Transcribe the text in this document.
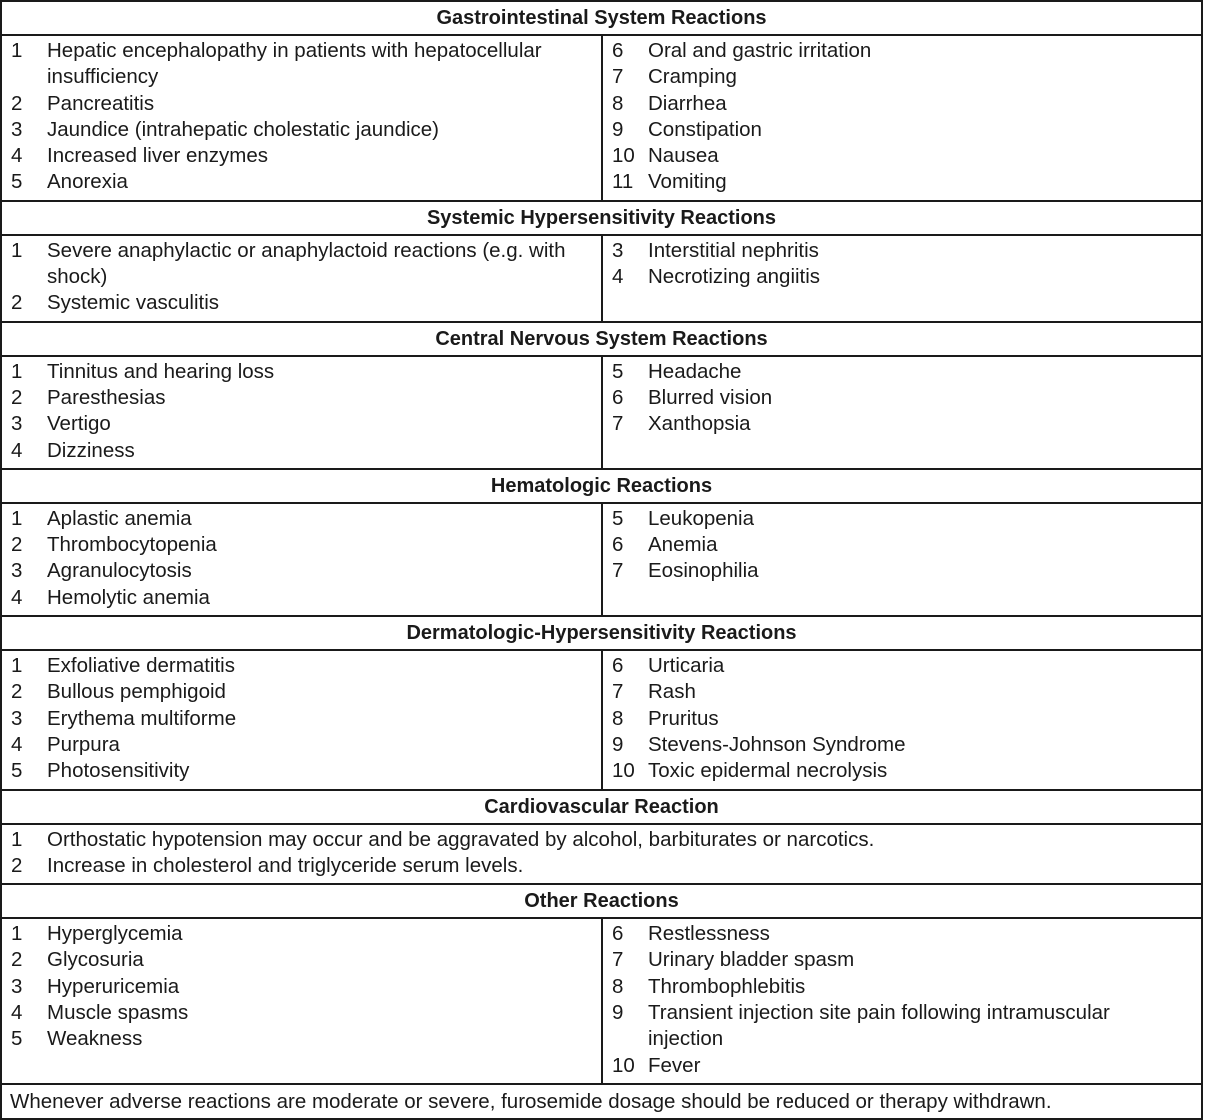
Gastrointestinal System Reactions
1	Hepatic encephalopathy in patients with hepatocellular insufficiency
2	Pancreatitis
3	Jaundice (intrahepatic cholestatic jaundice)
4	Increased liver enzymes
5	Anorexia
6	Oral and gastric irritation
7	Cramping
8	Diarrhea
9	Constipation
10 Nausea
11 Vomiting
Systemic Hypersensitivity Reactions
1	Severe anaphylactic or anaphylactoid reactions (e.g. with shock)
2	Systemic vasculitis
3	Interstitial nephritis
4	Necrotizing angiitis
Central Nervous System Reactions
1	Tinnitus and hearing loss
2	Paresthesias
3	Vertigo
4	Dizziness
5	Headache
6	Blurred vision
7	Xanthopsia
Hematologic Reactions
1	Aplastic anemia
2	Thrombocytopenia
3	Agranulocytosis
4	Hemolytic anemia
5	Leukopenia
6	Anemia
7	Eosinophilia
Dermatologic-Hypersensitivity Reactions
1	Exfoliative dermatitis
2	Bullous pemphigoid
3	Erythema multiforme
4	Purpura
5	Photosensitivity
6	Urticaria
7	Rash
8	Pruritus
9	Stevens-Johnson Syndrome
10 Toxic epidermal necrolysis
Cardiovascular Reaction
1	Orthostatic hypotension may occur and be aggravated by alcohol, barbiturates or narcotics.
2	Increase in cholesterol and triglyceride serum levels.
Other Reactions
1	Hyperglycemia
2	Glycosuria
3	Hyperuricemia
4	Muscle spasms
5	Weakness
6	Restlessness
7	Urinary bladder spasm
8	Thrombophlebitis
9	Transient injection site pain following intramuscular injection
10 Fever
Whenever adverse reactions are moderate or severe, furosemide dosage should be reduced or therapy withdrawn.
